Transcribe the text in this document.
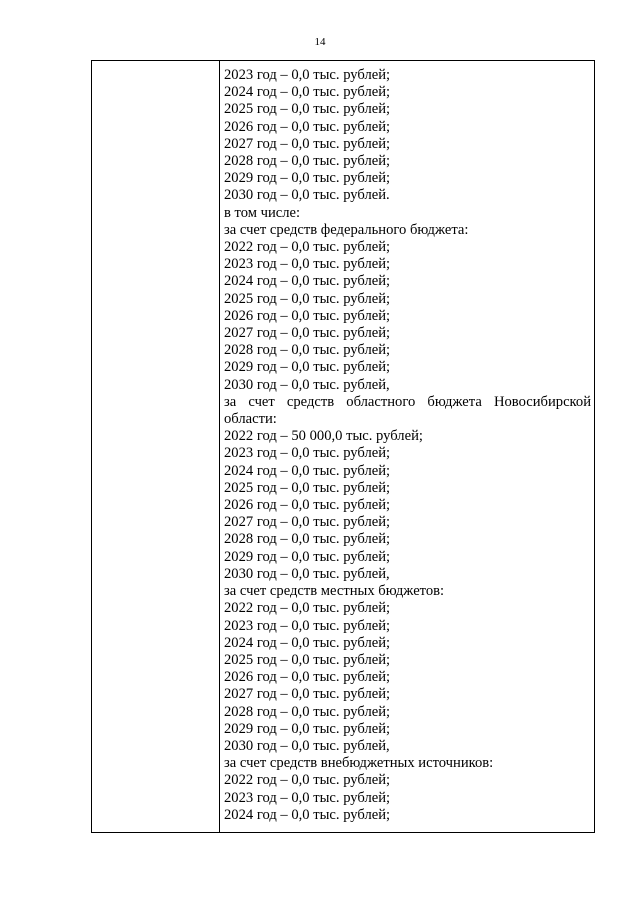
14
2023 год – 0,0 тыс. рублей;
2024 год – 0,0 тыс. рублей;
2025 год – 0,0 тыс. рублей;
2026 год – 0,0 тыс. рублей;
2027 год – 0,0 тыс. рублей;
2028 год – 0,0 тыс. рублей;
2029 год – 0,0 тыс. рублей;
2030 год – 0,0 тыс. рублей.
в том числе:
за счет средств федерального бюджета:
2022 год – 0,0 тыс. рублей;
2023 год – 0,0 тыс. рублей;
2024 год – 0,0 тыс. рублей;
2025 год – 0,0 тыс. рублей;
2026 год – 0,0 тыс. рублей;
2027 год – 0,0 тыс. рублей;
2028 год – 0,0 тыс. рублей;
2029 год – 0,0 тыс. рублей;
2030 год – 0,0 тыс. рублей,
за счет средств областного бюджета Новосибирской области:
2022 год – 50 000,0 тыс. рублей;
2023 год – 0,0 тыс. рублей;
2024 год – 0,0 тыс. рублей;
2025 год – 0,0 тыс. рублей;
2026 год – 0,0 тыс. рублей;
2027 год – 0,0 тыс. рублей;
2028 год – 0,0 тыс. рублей;
2029 год – 0,0 тыс. рублей;
2030 год – 0,0 тыс. рублей,
за счет средств местных бюджетов:
2022 год – 0,0 тыс. рублей;
2023 год – 0,0 тыс. рублей;
2024 год – 0,0 тыс. рублей;
2025 год – 0,0 тыс. рублей;
2026 год – 0,0 тыс. рублей;
2027 год – 0,0 тыс. рублей;
2028 год – 0,0 тыс. рублей;
2029 год – 0,0 тыс. рублей;
2030 год – 0,0 тыс. рублей,
за счет средств внебюджетных источников:
2022 год – 0,0 тыс. рублей;
2023 год – 0,0 тыс. рублей;
2024 год – 0,0 тыс. рублей;
